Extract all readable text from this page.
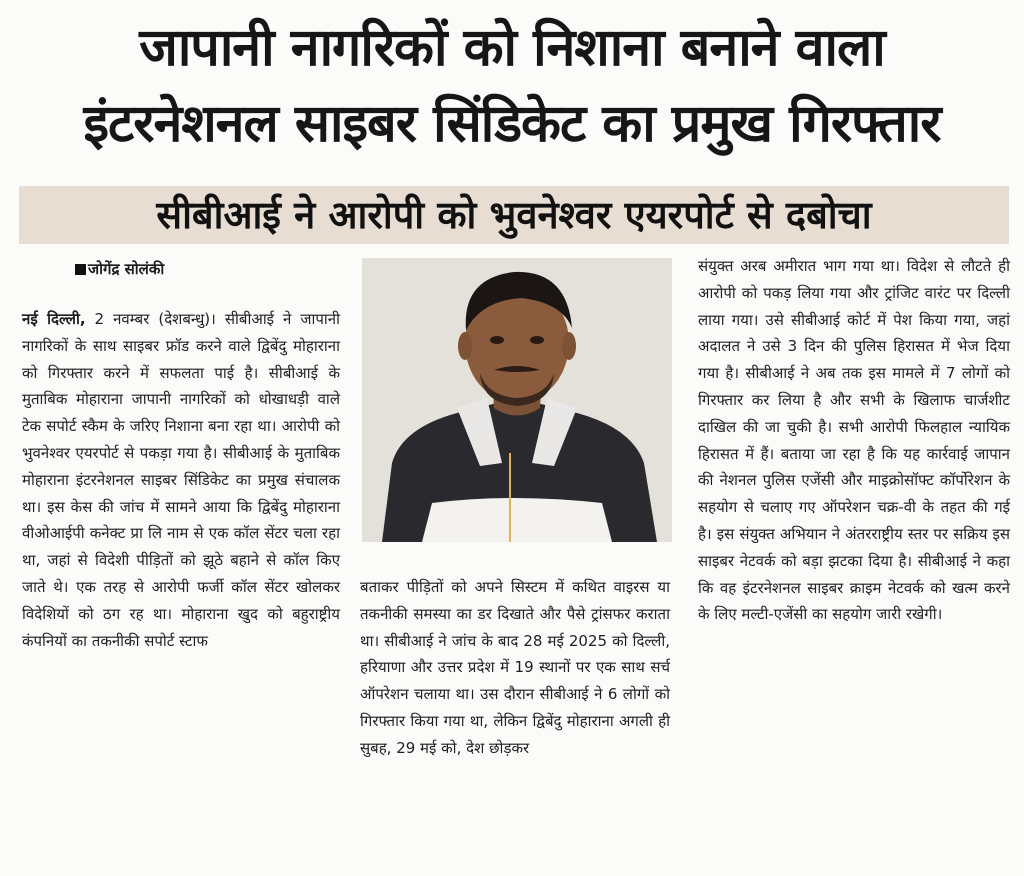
जापानी नागरिकों को निशाना बनाने वाला
इंटरनेशनल साइबर सिंडिकेट का प्रमुख गिरफ्तार
सीबीआई ने आरोपी को भुवनेश्वर एयरपोर्ट से दबोचा
जोगेंद्र सोलंकी

नई दिल्ली, 2 नवम्बर (देशबन्धु)। सीबीआई ने जापानी नागरिकों के साथ साइबर फ्रॉड करने वाले द्विबेंदु मोहाराना को गिरफ्तार करने में सफलता पाई है। सीबीआई के मुताबिक मोहाराना जापानी नागरिकों को धोखाधड़ी वाले टेक सपोर्ट स्कैम के जरिए निशाना बना रहा था। आरोपी को भुवनेश्वर एयरपोर्ट से पकड़ा गया है। सीबीआई के मुताबिक मोहाराना इंटरनेशनल साइबर सिंडिकेट का प्रमुख संचालक था। इस केस की जांच में सामने आया कि द्विबेंदु मोहाराना वीओआईपी कनेक्ट प्रा लि नाम से एक कॉल सेंटर चला रहा था, जहां से विदेशी पीड़ितों को झूठे बहाने से कॉल किए जाते थे। एक तरह से आरोपी फर्जी कॉल सेंटर खोलकर विदेशियों को ठग रह था। मोहाराना खुद को बहुराष्ट्रीय कंपनियों का तकनीकी सपोर्ट स्टाफ

बताकर पीड़ितों को अपने सिस्टम में कथित वाइरस या तकनीकी समस्या का डर दिखाते और पैसे ट्रांसफर कराता था। सीबीआई ने जांच के बाद 28 मई 2025 को दिल्ली, हरियाणा और उत्तर प्रदेश में 19 स्थानों पर एक साथ सर्च ऑपरेशन चलाया था। उस दौरान सीबीआई ने 6 लोगों को गिरफ्तार किया गया था, लेकिन द्विबेंदु मोहाराना अगली ही सुबह, 29 मई को, देश छोड़कर

संयुक्त अरब अमीरात भाग गया था। विदेश से लौटते ही आरोपी को पकड़ लिया गया और ट्रांजिट वारंट पर दिल्ली लाया गया। उसे सीबीआई कोर्ट में पेश किया गया, जहां अदालत ने उसे 3 दिन की पुलिस हिरासत में भेज दिया गया है। सीबीआई ने अब तक इस मामले में 7 लोगों को गिरफ्तार कर लिया है और सभी के खिलाफ चार्जशीट दाखिल की जा चुकी है। सभी आरोपी फिलहाल न्यायिक हिरासत में हैं। बताया जा रहा है कि यह कार्रवाई जापान की नेशनल पुलिस एजेंसी और माइक्रोसॉफ्ट कॉर्पोरेशन के सहयोग से चलाए गए ऑपरेशन चक्र-वी के तहत की गई है। इस संयुक्त अभियान ने अंतरराष्ट्रीय स्तर पर सक्रिय इस साइबर नेटवर्क को बड़ा झटका दिया है। सीबीआई ने कहा कि वह इंटरनेशनल साइबर क्राइम नेटवर्क को खत्म करने के लिए मल्टी-एजेंसी का सहयोग जारी रखेगी।
